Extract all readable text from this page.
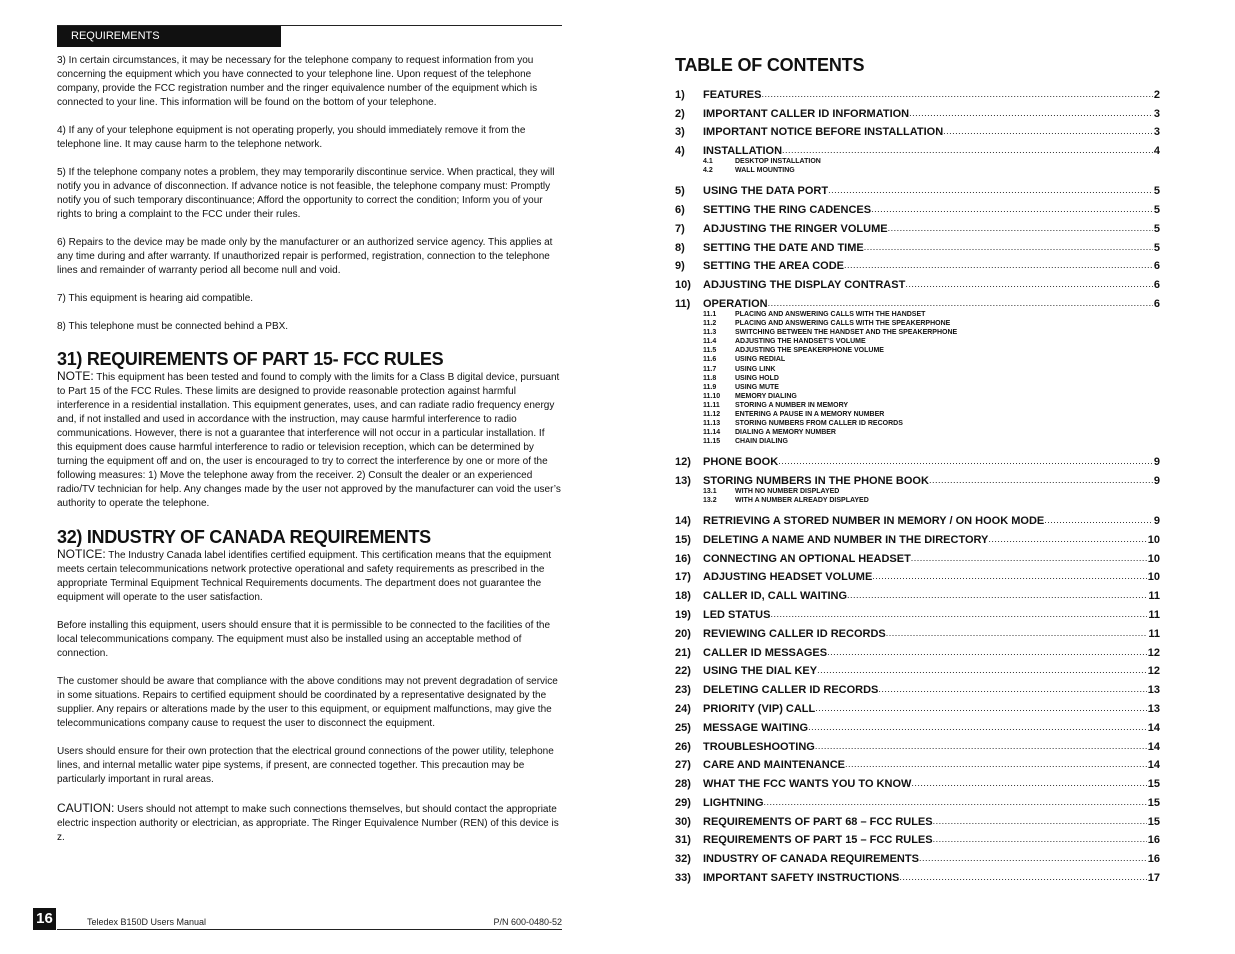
REQUIREMENTS

3) In certain circumstances, it may be necessary for the telephone company to request information from you concerning the equipment which you have connected to your telephone line. Upon request of the telephone company, provide the FCC registration number and the ringer equivalence number of the equipment which is connected to your line. This information will be found on the bottom of your telephone.

4) If any of your telephone equipment is not operating properly, you should immediately remove it from the telephone line. It may cause harm to the telephone network.

5) If the telephone company notes a problem, they may temporarily discontinue service. When practical, they will notify you in advance of disconnection. If advance notice is not feasible, the telephone company must: Promptly notify you of such temporary discontinuance; Afford the opportunity to correct the condition; Inform you of your rights to bring a complaint to the FCC under their rules.

6) Repairs to the device may be made only by the manufacturer or an authorized service agency. This applies at any time during and after warranty. If unauthorized repair is performed, registration, connection to the telephone lines and remainder of warranty period all become null and void.

7) This equipment is hearing aid compatible.

8) This telephone must be connected behind a PBX.

31) REQUIREMENTS OF PART 15- FCC RULES

NOTE: This equipment has been tested and found to comply with the limits for a Class B digital device, pursuant to Part 15 of the FCC Rules. These limits are designed to provide reasonable protection against harmful interference in a residential installation. This equipment generates, uses, and can radiate radio frequency energy and, if not installed and used in accordance with the instruction, may cause harmful interference to radio communications. However, there is not a guarantee that interference will not occur in a particular installation. If this equipment does cause harmful interference to radio or television reception, which can be determined by turning the equipment off and on, the user is encouraged to try to correct the interference by one or more of the following measures: 1) Move the telephone away from the receiver. 2) Consult the dealer or an experienced radio/TV technician for help. Any changes made by the user not approved by the manufacturer can void the user’s authority to operate the telephone.

32) INDUSTRY OF CANADA REQUIREMENTS

NOTICE: The Industry Canada label identifies certified equipment. This certification means that the equipment meets certain telecommunications network protective operational and safety requirements as prescribed in the appropriate Terminal Equipment Technical Requirements documents. The department does not guarantee the equipment will operate to the user satisfaction.

Before installing this equipment, users should ensure that it is permissible to be connected to the facilities of the local telecommunications company. The equipment must also be installed using an acceptable method of connection.

The customer should be aware that compliance with the above conditions may not prevent degradation of service in some situations. Repairs to certified equipment should be coordinated by a representative designated by the supplier. Any repairs or alterations made by the user to this equipment, or equipment malfunctions, may give the telecommunications company cause to request the user to disconnect the equipment.

Users should ensure for their own protection that the electrical ground connections of the power utility, telephone lines, and internal metallic water pipe systems, if present, are connected together. This precaution may be particularly important in rural areas.

CAUTION: Users should not attempt to make such connections themselves, but should contact the appropriate electric inspection authority or electrician, as appropriate. The Ringer Equivalence Number (REN) of this device is z.

16	Teledex B150D Users Manual	P/N 600-0480-52
TABLE OF CONTENTS
1)	FEATURES .....	2
2)	IMPORTANT CALLER ID INFORMATION .....	3
3)	IMPORTANT NOTICE BEFORE INSTALLATION .....	3
4)	INSTALLATION .....	4
4.1	DESKTOP INSTALLATION
4.2	WALL MOUNTING
5)	USING THE DATA PORT .....	5
6)	SETTING THE RING CADENCES .....	5
7)	ADJUSTING THE RINGER VOLUME .....	5
8)	SETTING THE DATE AND TIME .....	5
9)	SETTING THE AREA CODE .....	6
10)	ADJUSTING THE DISPLAY CONTRAST .....	6
11)	OPERATION .....	6
11.1	PLACING AND ANSWERING CALLS WITH THE HANDSET
11.2	PLACING AND ANSWERING CALLS WITH THE SPEAKERPHONE
11.3	SWITCHING BETWEEN THE HANDSET AND THE SPEAKERPHONE
11.4	ADJUSTING THE HANDSET’S VOLUME
11.5	ADJUSTING THE SPEAKERPHONE VOLUME
11.6	USING REDIAL
11.7	USING LINK
11.8	USING HOLD
11.9	USING MUTE
11.10	MEMORY DIALING
11.11	STORING A NUMBER IN MEMORY
11.12	ENTERING A PAUSE IN A MEMORY NUMBER
11.13	STORING NUMBERS FROM CALLER ID RECORDS
11.14	DIALING A MEMORY NUMBER
11.15	CHAIN DIALING
12)	PHONE BOOK .....	9
13)	STORING NUMBERS IN THE PHONE BOOK .....	9
13.1	WITH NO NUMBER DISPLAYED
13.2	WITH A NUMBER ALREADY DISPLAYED
14)	RETRIEVING A STORED NUMBER IN MEMORY / ON HOOK MODE .....	9
15)	DELETING A NAME AND NUMBER IN THE DIRECTORY .....	10
16)	CONNECTING AN OPTIONAL HEADSET .....	10
17)	ADJUSTING HEADSET VOLUME .....	10
18)	CALLER ID, CALL WAITING .....	11
19)	LED STATUS .....	11
20)	REVIEWING CALLER ID RECORDS .....	11
21)	CALLER ID MESSAGES .....	12
22)	USING THE DIAL KEY .....	12
23)	DELETING CALLER ID RECORDS .....	13
24)	PRIORITY (VIP) CALL .....	13
25)	MESSAGE WAITING .....	14
26)	TROUBLESHOOTING .....	14
27)	CARE AND MAINTENANCE .....	14
28)	WHAT THE FCC WANTS YOU TO KNOW .....	15
29)	LIGHTNING .....	15
30)	REQUIREMENTS OF PART 68 – FCC RULES .....	15
31)	REQUIREMENTS OF PART 15 – FCC RULES .....	16
32)	INDUSTRY OF CANADA REQUIREMENTS .....	16
33)	IMPORTANT SAFETY INSTRUCTIONS .....	17
